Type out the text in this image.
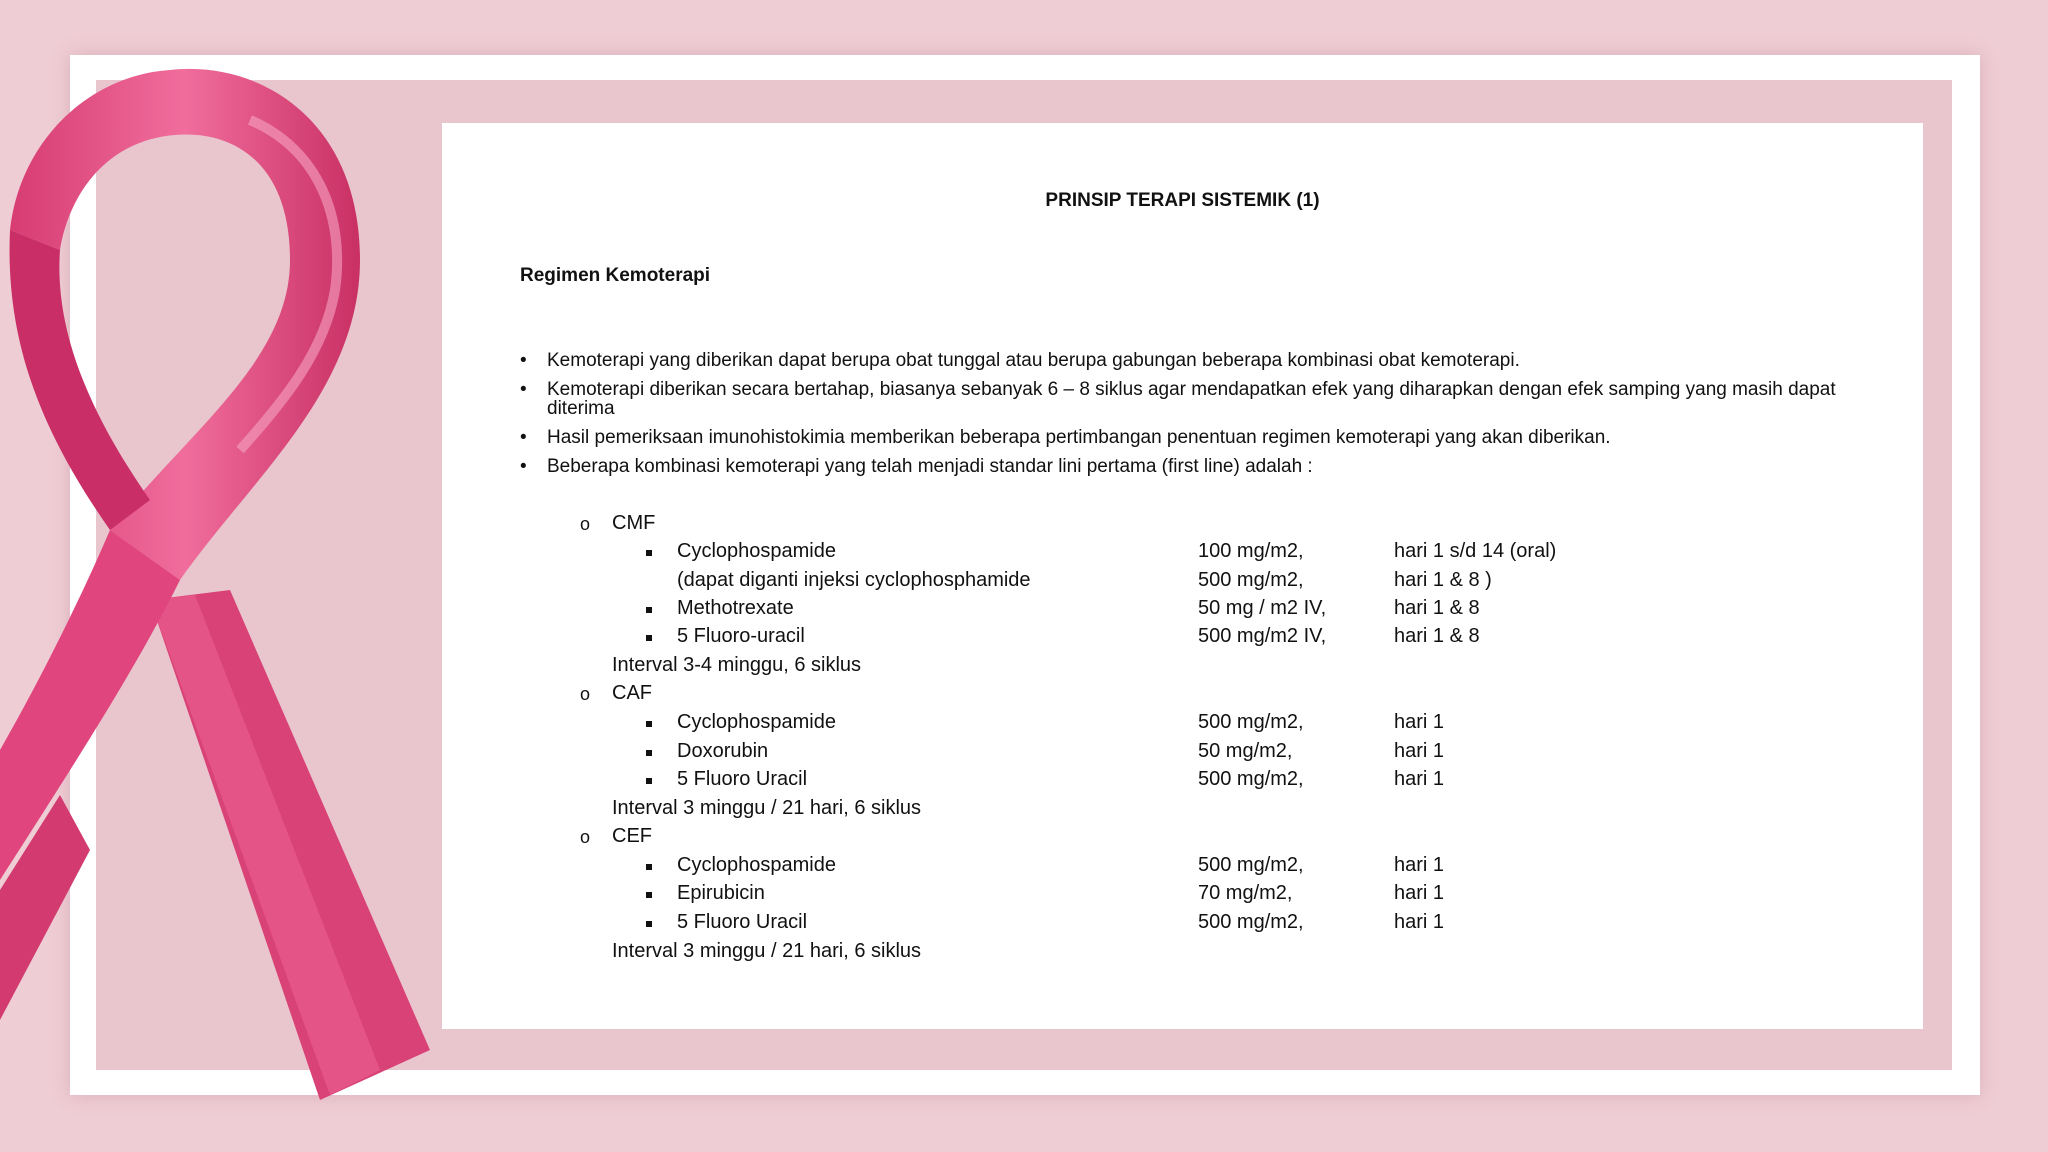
PRINSIP TERAPI SISTEMIK (1)
Regimen Kemoterapi
• Kemoterapi yang diberikan dapat berupa obat tunggal atau berupa gabungan beberapa kombinasi obat kemoterapi.
• Kemoterapi diberikan secara bertahap, biasanya sebanyak 6 – 8 siklus agar mendapatkan efek yang diharapkan dengan efek samping yang masih dapat diterima
• Hasil pemeriksaan imunohistokimia memberikan beberapa pertimbangan penentuan regimen kemoterapi yang akan diberikan.
• Beberapa kombinasi kemoterapi yang telah menjadi standar lini pertama (first line) adalah :
o CMF
Cyclophospamide	100 mg/m2,	hari 1 s/d 14 (oral)
(dapat diganti injeksi cyclophosphamide	500 mg/m2,	hari 1 & 8 )
Methotrexate	50 mg / m2 IV,	hari 1 & 8
5 Fluoro-uracil	500 mg/m2 IV,	hari 1 & 8
Interval 3-4 minggu, 6 siklus
o CAF
Cyclophospamide	500 mg/m2,	hari 1
Doxorubin	50 mg/m2,	hari 1
5 Fluoro Uracil	500 mg/m2,	hari 1
Interval 3 minggu / 21 hari, 6 siklus
o CEF
Cyclophospamide	500 mg/m2,	hari 1
Epirubicin	70 mg/m2,	hari 1
5 Fluoro Uracil	500 mg/m2,	hari 1
Interval 3 minggu / 21 hari, 6 siklus
